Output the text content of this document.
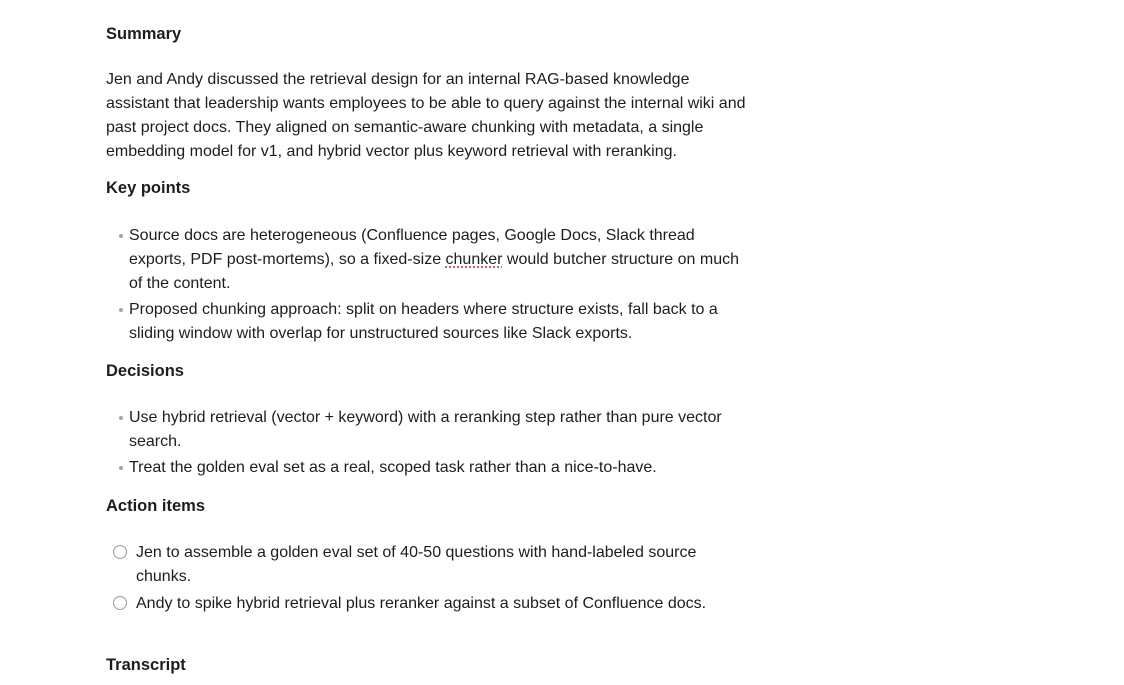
Summary

Jen and Andy discussed the retrieval design for an internal RAG-based knowledge assistant that leadership wants employees to be able to query against the internal wiki and past project docs. They aligned on semantic-aware chunking with metadata, a single embedding model for v1, and hybrid vector plus keyword retrieval with reranking.

Key points
Source docs are heterogeneous (Confluence pages, Google Docs, Slack thread exports, PDF post-mortems), so a fixed-size chunker would butcher structure on much of the content.
Proposed chunking approach: split on headers where structure exists, fall back to a sliding window with overlap for unstructured sources like Slack exports.
Decisions
Use hybrid retrieval (vector + keyword) with a reranking step rather than pure vector search.
Treat the golden eval set as a real, scoped task rather than a nice-to-have.
Action items
Jen to assemble a golden eval set of 40-50 questions with hand-labeled source chunks.
Andy to spike hybrid retrieval plus reranker against a subset of Confluence docs.
Transcript
